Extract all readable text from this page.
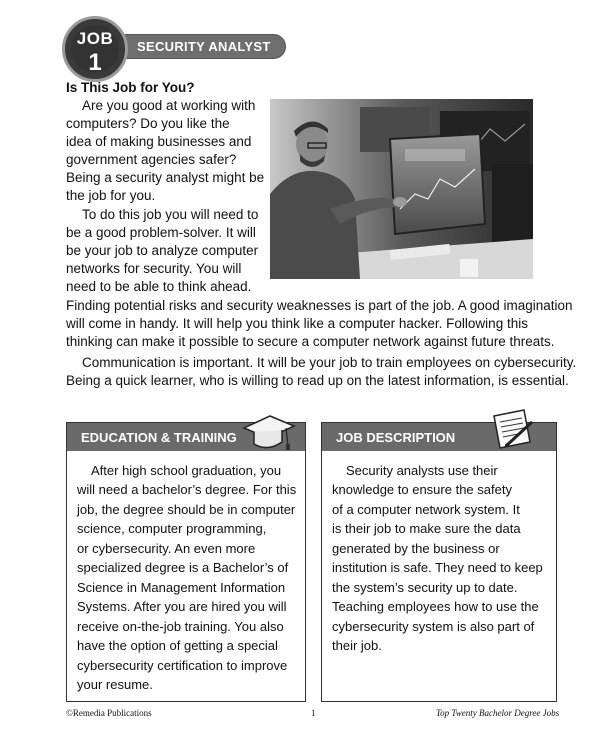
SECURITY ANALYST
JOB
1
Is This Job for You?
Are you good at working with
computers? Do you like the
idea of making businesses and
government agencies safer?
Being a security analyst might be
the job for you.
To do this job you will need to
be a good problem-solver. It will
be your job to analyze computer
networks for security. You will
need to be able to think ahead.
Finding potential risks and security weaknesses is part of the job. A good imagination
will come in handy. It will help you think like a computer hacker. Following this
thinking can make it possible to secure a computer network against future threats.
Communication is important. It will be your job to train employees on cybersecurity.
Being a quick learner, who is willing to read up on the latest information, is essential.
EDUCATION & TRAINING
After high school graduation, you
will need a bachelor’s degree. For this
job, the degree should be in computer
science, computer programming,
or cybersecurity. An even more
specialized degree is a Bachelor’s of
Science in Management Information
Systems. After you are hired you will
receive on-the-job training. You also
have the option of getting a special
cybersecurity certification to improve
your resume.
JOB DESCRIPTION
Security analysts use their
knowledge to ensure the safety
of a computer network system. It
is their job to make sure the data
generated by the business or
institution is safe. They need to keep
the system’s security up to date.
Teaching employees how to use the
cybersecurity system is also part of
their job.
©Remedia Publications	1	Top Twenty Bachelor Degree Jobs
